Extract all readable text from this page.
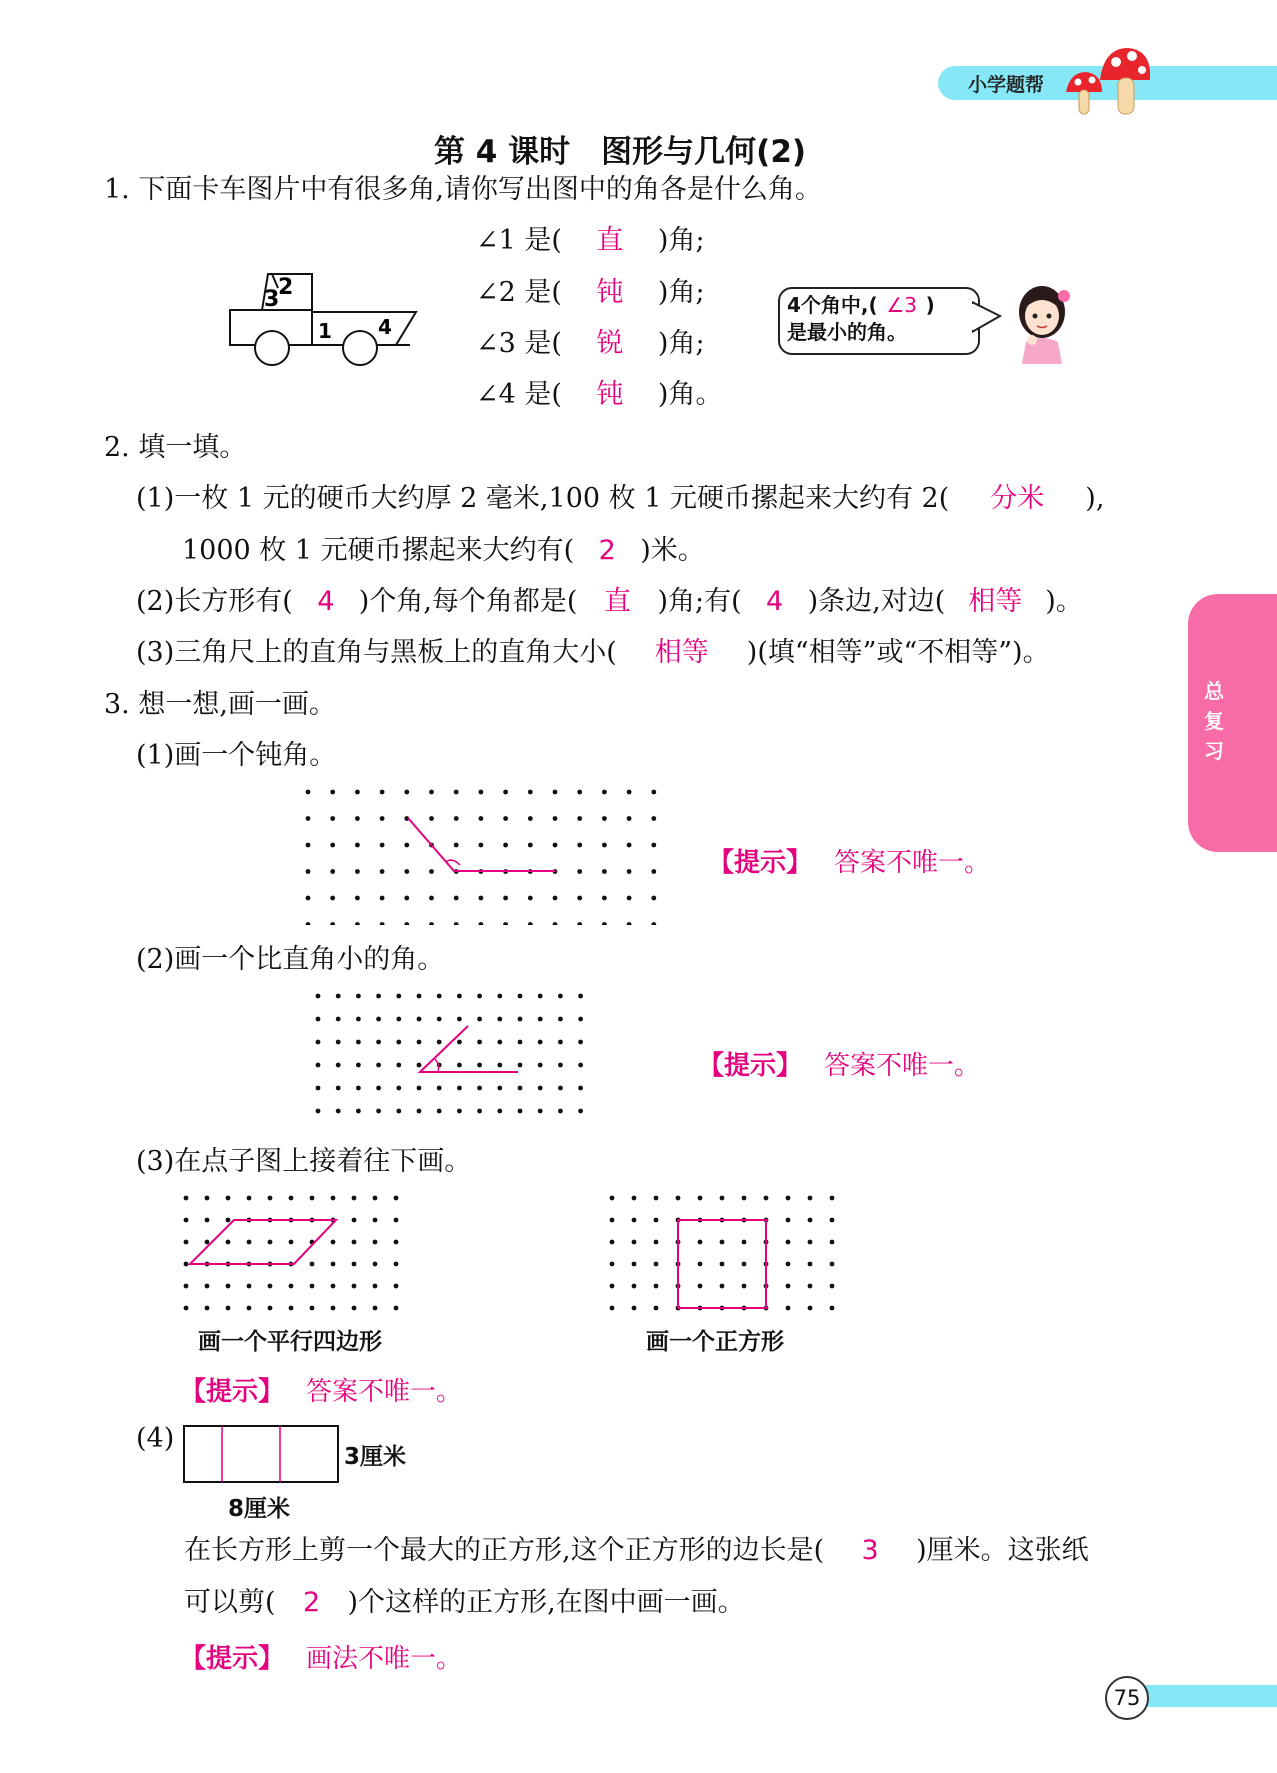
小学题帮
总复习
第 4 课时　图形与几何(2)
1. 下面卡车图片中有很多角,请你写出图中的角各是什么角。
3
2
1 4
∠1 是( 直 )角;
∠2 是( 钝 )角;
∠3 是( 锐 )角;
∠4 是( 钝 )角。
4个角中,( ∠3 )
是最小的角。
2. 填一填。
(1)一枚 1 元的硬币大约厚 2 毫米,100 枚 1 元硬币摞起来大约有 2( 分米 ),
1000 枚 1 元硬币摞起来大约有( 2 )米。
(2)长方形有( 4 )个角,每个角都是( 直 )角;有( 4 )条边,对边( 相等 )。
(3)三角尺上的直角与黑板上的直角大小( 相等 )(填“相等”或“不相等”)。
3. 想一想,画一画。
(1)画一个钝角。
【提示】 答案不唯一。
(2)画一个比直角小的角。
【提示】 答案不唯一。
(3)在点子图上接着往下画。
画一个平行四边形	画一个正方形
【提示】 答案不唯一。
(4)
3厘米
8厘米
在长方形上剪一个最大的正方形,这个正方形的边长是( 3 )厘米。这张纸
可以剪( 2 )个这样的正方形,在图中画一画。
【提示】 画法不唯一。
75
